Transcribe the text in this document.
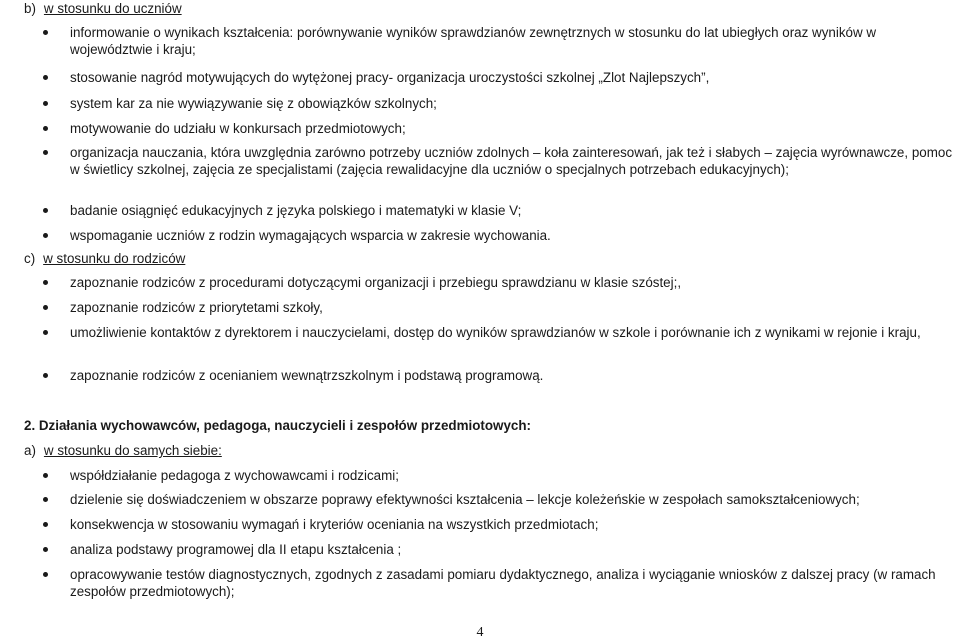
b) w stosunku do uczniów
informowanie o wynikach kształcenia: porównywanie wyników sprawdzianów zewnętrznych w stosunku do lat ubiegłych oraz wyników w województwie i kraju;
stosowanie nagród motywujących do wytężonej pracy- organizacja uroczystości szkolnej „Zlot Najlepszych”,
system kar za nie wywiązywanie się z obowiązków szkolnych;
motywowanie do udziału w konkursach przedmiotowych;
organizacja nauczania, która uwzględnia zarówno potrzeby uczniów zdolnych – koła zainteresowań, jak też i słabych – zajęcia wyrównawcze, pomoc w świetlicy szkolnej, zajęcia ze specjalistami (zajęcia rewalidacyjne dla uczniów o specjalnych potrzebach edukacyjnych);
badanie osiągnięć edukacyjnych z języka polskiego i matematyki w klasie V;
wspomaganie uczniów z rodzin wymagających wsparcia w zakresie wychowania.
c) w stosunku do rodziców
zapoznanie rodziców z procedurami dotyczącymi organizacji i przebiegu sprawdzianu w klasie szóstej;,
zapoznanie rodziców z priorytetami szkoły,
umożliwienie kontaktów z dyrektorem i nauczycielami, dostęp do wyników sprawdzianów w szkole i porównanie ich z wynikami w rejonie i kraju,
zapoznanie rodziców z ocenianiem wewnątrzszkolnym i podstawą programową.
2. Działania wychowawców, pedagoga, nauczycieli i zespołów przedmiotowych:
a) w stosunku do samych siebie:
współdziałanie pedagoga z wychowawcami i rodzicami;
dzielenie się doświadczeniem w obszarze poprawy efektywności kształcenia – lekcje koleżeńskie w zespołach samokształceniowych;
konsekwencja w stosowaniu wymagań i kryteriów oceniania na wszystkich przedmiotach;
analiza podstawy programowej dla II etapu kształcenia ;
opracowywanie testów diagnostycznych, zgodnych z zasadami pomiaru dydaktycznego, analiza i wyciąganie wniosków z dalszej pracy (w ramach zespołów przedmiotowych);
4
